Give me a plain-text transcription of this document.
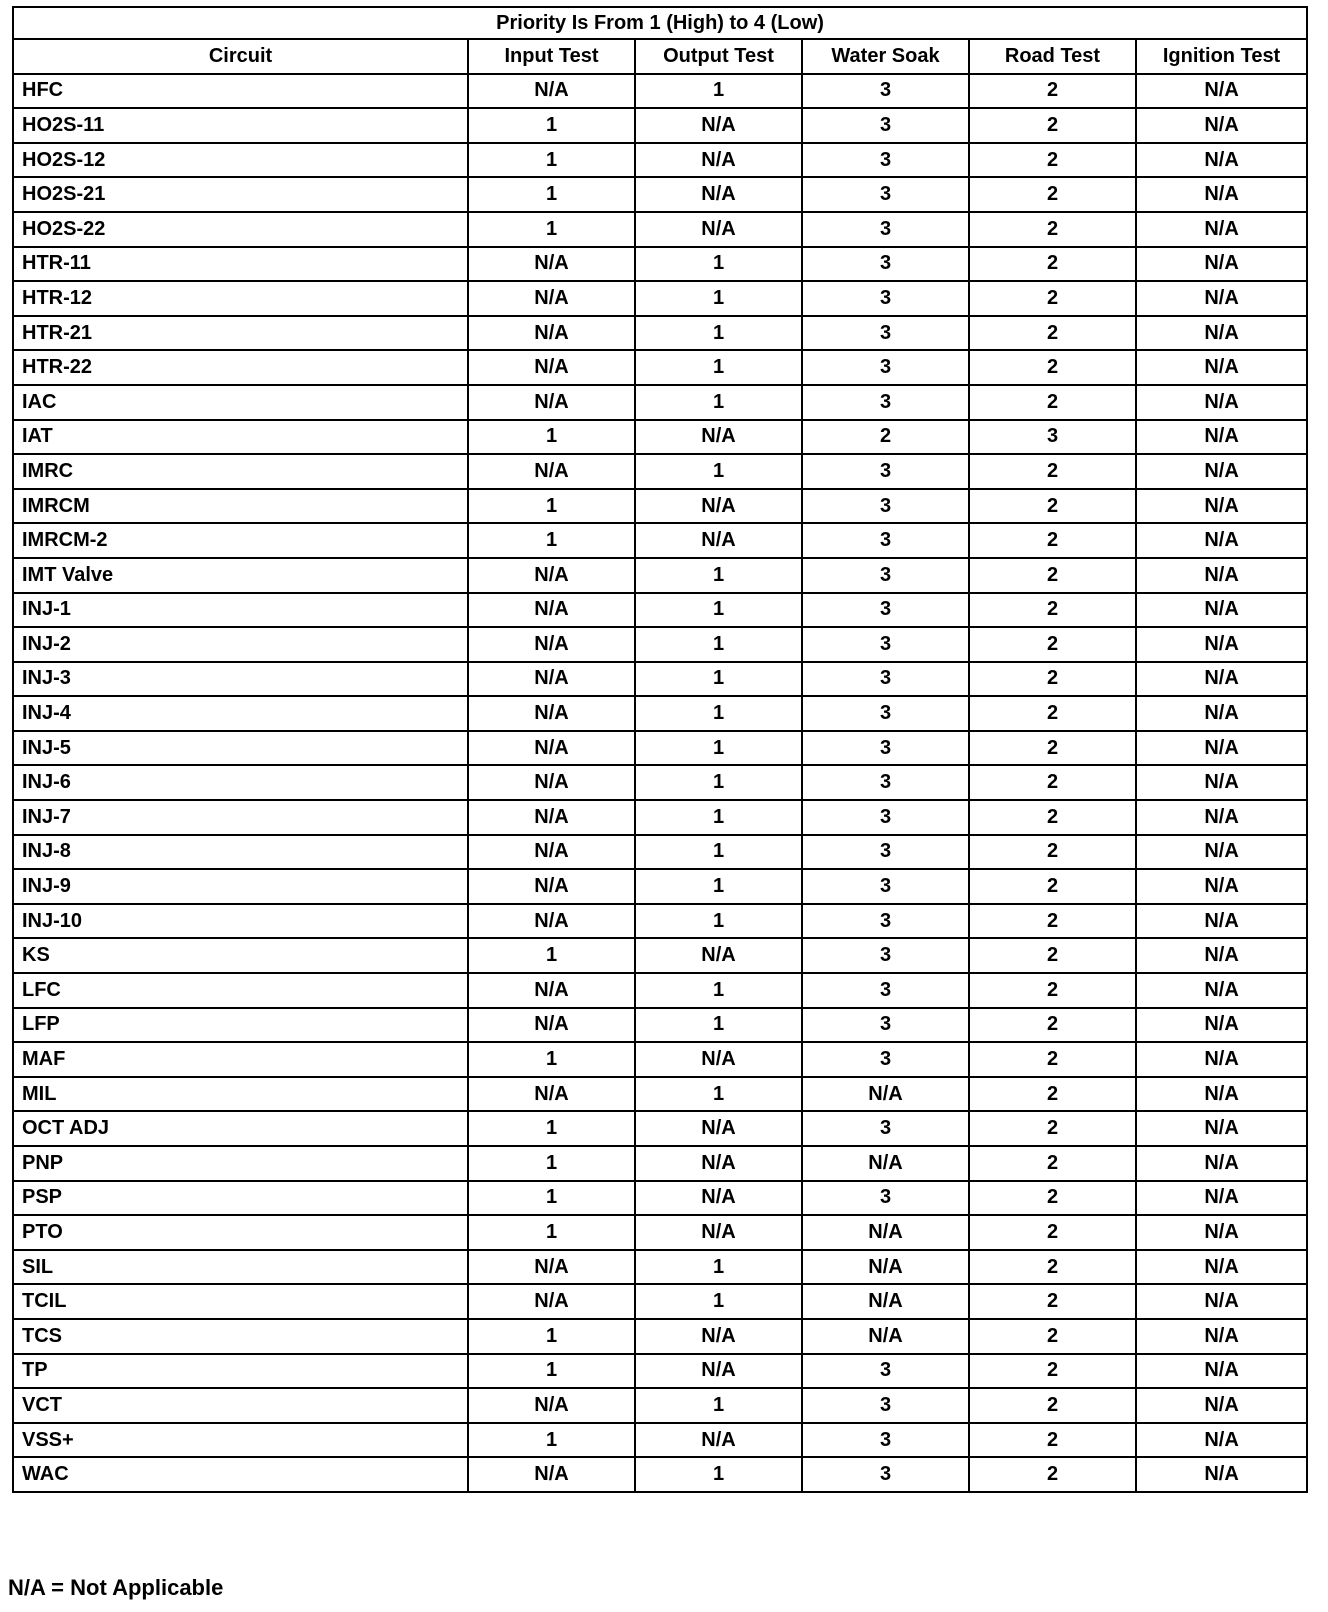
Priority Is From 1 (High) to 4 (Low)					
Circuit	Input Test	Output Test	Water Soak	Road Test	Ignition Test
HFC	N/A	1	3	2	N/A
HO2S-11	1	N/A	3	2	N/A
HO2S-12	1	N/A	3	2	N/A
HO2S-21	1	N/A	3	2	N/A
HO2S-22	1	N/A	3	2	N/A
HTR-11	N/A	1	3	2	N/A
HTR-12	N/A	1	3	2	N/A
HTR-21	N/A	1	3	2	N/A
HTR-22	N/A	1	3	2	N/A
IAC	N/A	1	3	2	N/A
IAT	1	N/A	2	3	N/A
IMRC	N/A	1	3	2	N/A
IMRCM	1	N/A	3	2	N/A
IMRCM-2	1	N/A	3	2	N/A
IMT Valve	N/A	1	3	2	N/A
INJ-1	N/A	1	3	2	N/A
INJ-2	N/A	1	3	2	N/A
INJ-3	N/A	1	3	2	N/A
INJ-4	N/A	1	3	2	N/A
INJ-5	N/A	1	3	2	N/A
INJ-6	N/A	1	3	2	N/A
INJ-7	N/A	1	3	2	N/A
INJ-8	N/A	1	3	2	N/A
INJ-9	N/A	1	3	2	N/A
INJ-10	N/A	1	3	2	N/A
KS	1	N/A	3	2	N/A
LFC	N/A	1	3	2	N/A
LFP	N/A	1	3	2	N/A
MAF	1	N/A	3	2	N/A
MIL	N/A	1	N/A	2	N/A
OCT ADJ	1	N/A	3	2	N/A
PNP	1	N/A	N/A	2	N/A
PSP	1	N/A	3	2	N/A
PTO	1	N/A	N/A	2	N/A
SIL	N/A	1	N/A	2	N/A
TCIL	N/A	1	N/A	2	N/A
TCS	1	N/A	N/A	2	N/A
TP	1	N/A	3	2	N/A
VCT	N/A	1	3	2	N/A
VSS+	1	N/A	3	2	N/A
WAC	N/A	1	3	2	N/A
N/A = Not Applicable
